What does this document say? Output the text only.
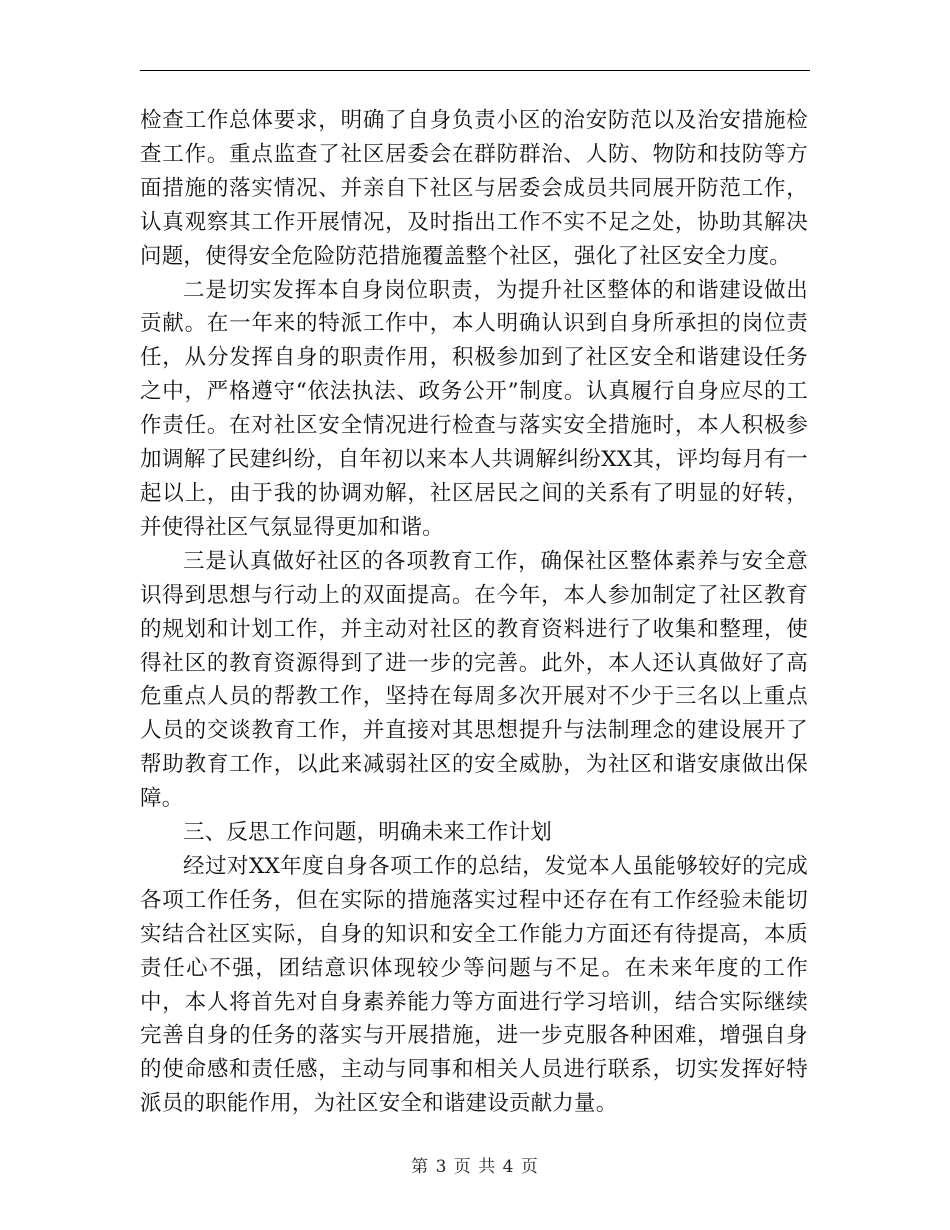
检查工作总体要求，明确了自身负责小区的治安防范以及治安措施检查工作。重点监查了社区居委会在群防群治、人防、物防和技防等方面措施的落实情况、并亲自下社区与居委会成员共同展开防范工作，认真观察其工作开展情况，及时指出工作不实不足之处，协助其解决问题，使得安全危险防范措施覆盖整个社区，强化了社区安全力度。

二是切实发挥本自身岗位职责，为提升社区整体的和谐建设做出贡献。在一年来的特派工作中，本人明确认识到自身所承担的岗位责任，从分发挥自身的职责作用，积极参加到了社区安全和谐建设任务之中，严格遵守“依法执法、政务公开”制度。认真履行自身应尽的工作责任。在对社区安全情况进行检查与落实安全措施时，本人积极参加调解了民建纠纷，自年初以来本人共调解纠纷XX其，评均每月有一起以上，由于我的协调劝解，社区居民之间的关系有了明显的好转，并使得社区气氛显得更加和谐。

三是认真做好社区的各项教育工作，确保社区整体素养与安全意识得到思想与行动上的双面提高。在今年，本人参加制定了社区教育的规划和计划工作，并主动对社区的教育资料进行了收集和整理，使得社区的教育资源得到了进一步的完善。此外，本人还认真做好了高危重点人员的帮教工作，坚持在每周多次开展对不少于三名以上重点人员的交谈教育工作，并直接对其思想提升与法制理念的建设展开了帮助教育工作，以此来减弱社区的安全威胁，为社区和谐安康做出保障。

三、反思工作问题，明确未来工作计划

经过对XX年度自身各项工作的总结，发觉本人虽能够较好的完成各项工作任务，但在实际的措施落实过程中还存在有工作经验未能切实结合社区实际，自身的知识和安全工作能力方面还有待提高，本质责任心不强，团结意识体现较少等问题与不足。在未来年度的工作中，本人将首先对自身素养能力等方面进行学习培训，结合实际继续完善自身的任务的落实与开展措施，进一步克服各种困难，增强自身的使命感和责任感，主动与同事和相关人员进行联系，切实发挥好特派员的职能作用，为社区安全和谐建设贡献力量。

第 3 页 共 4 页
